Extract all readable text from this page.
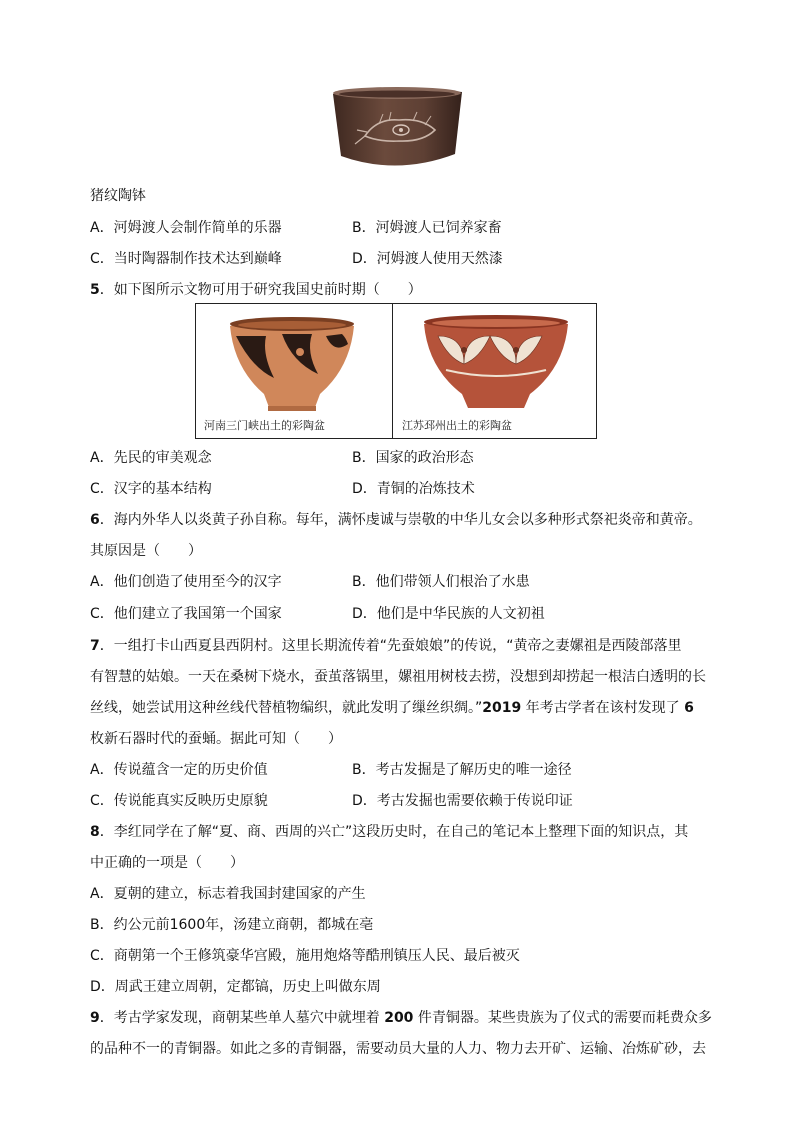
猪纹陶钵
A．河姆渡人会制作简单的乐器	B．河姆渡人已饲养家畜
C．当时陶器制作技术达到巅峰	D．河姆渡人使用天然漆
5．如下图所示文物可用于研究我国史前时期（　　）
河南三门峡出土的彩陶盆	江苏邳州出土的彩陶盆
A．先民的审美观念	B．国家的政治形态
C．汉字的基本结构	D．青铜的冶炼技术
6．海内外华人以炎黄子孙自称。每年，满怀虔诚与崇敬的中华儿女会以多种形式祭祀炎帝和黄帝。
其原因是（　　）
A．他们创造了使用至今的汉字	B．他们带领人们根治了水患
C．他们建立了我国第一个国家	D．他们是中华民族的人文初祖
7．一组打卡山西夏县西阴村。这里长期流传着“先蚕娘娘”的传说，“黄帝之妻嫘祖是西陵部落里
有智慧的姑娘。一天在桑树下烧水，蚕茧落锅里，嫘祖用树枝去捞，没想到却捞起一根洁白透明的长
丝线，她尝试用这种丝线代替植物编织，就此发明了缫丝织绸。”2019 年考古学者在该村发现了 6
枚新石器时代的蚕蛹。据此可知（　　）
A．传说蕴含一定的历史价值	B．考古发掘是了解历史的唯一途径
C．传说能真实反映历史原貌	D．考古发掘也需要依赖于传说印证
8．李红同学在了解“夏、商、西周的兴亡”这段历史时，在自己的笔记本上整理下面的知识点，其
中正确的一项是（　　）
A．夏朝的建立，标志着我国封建国家的产生
B．约公元前1600年，汤建立商朝，都城在亳
C．商朝第一个王修筑豪华宫殿，施用炮烙等酷刑镇压人民、最后被灭
D．周武王建立周朝，定都镐，历史上叫做东周
9．考古学家发现，商朝某些单人墓穴中就埋着 200 件青铜器。某些贵族为了仪式的需要而耗费众多
的品种不一的青铜器。如此之多的青铜器，需要动员大量的人力、物力去开矿、运输、冶炼矿砂，去
